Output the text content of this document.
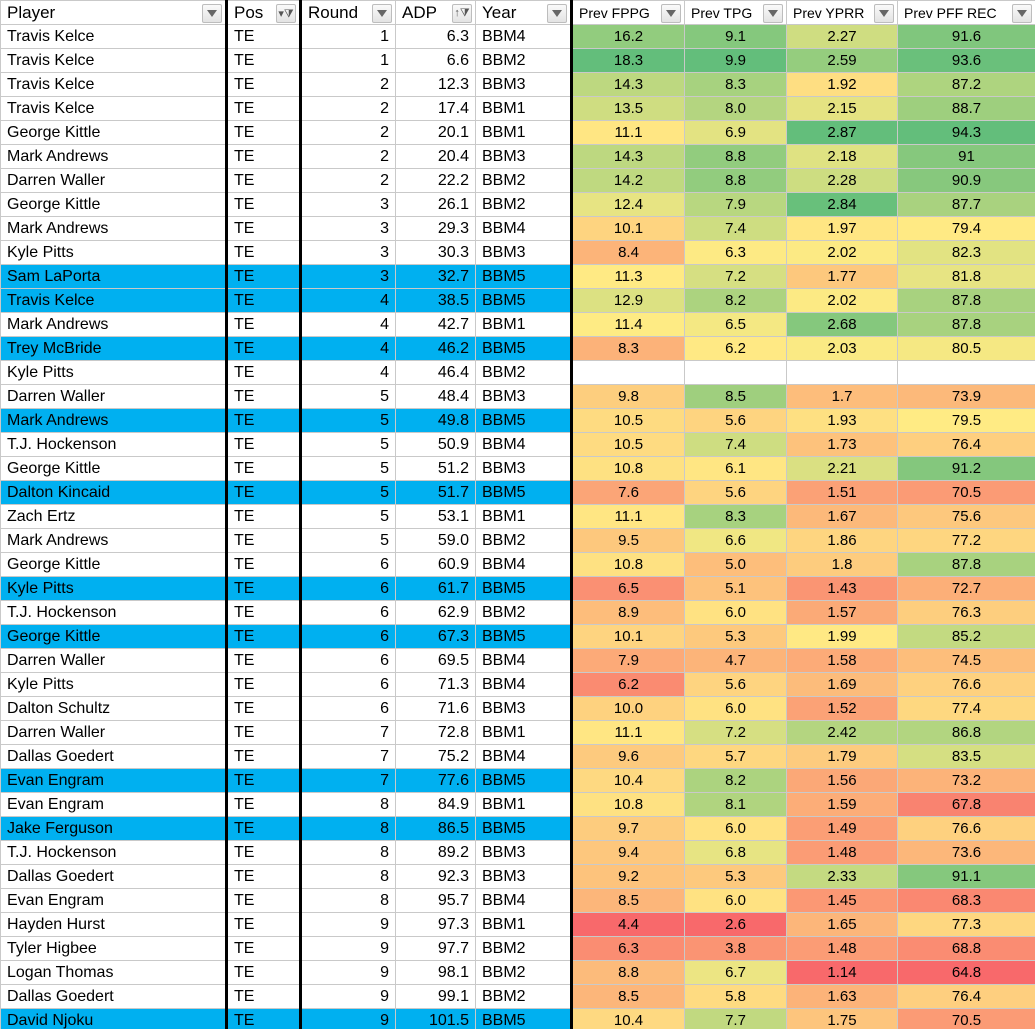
Player	Pos ▾⧩	Round	ADP ↑⧩	Year	Prev FPPG	Prev TPG	Prev YPRR	Prev PFF REC

Travis Kelce	TE	1	6.3	BBM4	16.2	9.1	2.27	91.6
Travis Kelce	TE	1	6.6	BBM2	18.3	9.9	2.59	93.6
Travis Kelce	TE	2	12.3	BBM3	14.3	8.3	1.92	87.2
Travis Kelce	TE	2	17.4	BBM1	13.5	8.0	2.15	88.7
George Kittle	TE	2	20.1	BBM1	11.1	6.9	2.87	94.3
Mark Andrews	TE	2	20.4	BBM3	14.3	8.8	2.18	91
Darren Waller	TE	2	22.2	BBM2	14.2	8.8	2.28	90.9
George Kittle	TE	3	26.1	BBM2	12.4	7.9	2.84	87.7
Mark Andrews	TE	3	29.3	BBM4	10.1	7.4	1.97	79.4
Kyle Pitts	TE	3	30.3	BBM3	8.4	6.3	2.02	82.3
Sam LaPorta	TE	3	32.7	BBM5	11.3	7.2	1.77	81.8
Travis Kelce	TE	4	38.5	BBM5	12.9	8.2	2.02	87.8
Mark Andrews	TE	4	42.7	BBM1	11.4	6.5	2.68	87.8
Trey McBride	TE	4	46.2	BBM5	8.3	6.2	2.03	80.5
Kyle Pitts	TE	4	46.4	BBM2				
Darren Waller	TE	5	48.4	BBM3	9.8	8.5	1.7	73.9
Mark Andrews	TE	5	49.8	BBM5	10.5	5.6	1.93	79.5
T.J. Hockenson	TE	5	50.9	BBM4	10.5	7.4	1.73	76.4
George Kittle	TE	5	51.2	BBM3	10.8	6.1	2.21	91.2
Dalton Kincaid	TE	5	51.7	BBM5	7.6	5.6	1.51	70.5
Zach Ertz	TE	5	53.1	BBM1	11.1	8.3	1.67	75.6
Mark Andrews	TE	5	59.0	BBM2	9.5	6.6	1.86	77.2
George Kittle	TE	6	60.9	BBM4	10.8	5.0	1.8	87.8
Kyle Pitts	TE	6	61.7	BBM5	6.5	5.1	1.43	72.7
T.J. Hockenson	TE	6	62.9	BBM2	8.9	6.0	1.57	76.3
George Kittle	TE	6	67.3	BBM5	10.1	5.3	1.99	85.2
Darren Waller	TE	6	69.5	BBM4	7.9	4.7	1.58	74.5
Kyle Pitts	TE	6	71.3	BBM4	6.2	5.6	1.69	76.6
Dalton Schultz	TE	6	71.6	BBM3	10.0	6.0	1.52	77.4
Darren Waller	TE	7	72.8	BBM1	11.1	7.2	2.42	86.8
Dallas Goedert	TE	7	75.2	BBM4	9.6	5.7	1.79	83.5
Evan Engram	TE	7	77.6	BBM5	10.4	8.2	1.56	73.2
Evan Engram	TE	8	84.9	BBM1	10.8	8.1	1.59	67.8
Jake Ferguson	TE	8	86.5	BBM5	9.7	6.0	1.49	76.6
T.J. Hockenson	TE	8	89.2	BBM3	9.4	6.8	1.48	73.6
Dallas Goedert	TE	8	92.3	BBM3	9.2	5.3	2.33	91.1
Evan Engram	TE	8	95.7	BBM4	8.5	6.0	1.45	68.3
Hayden Hurst	TE	9	97.3	BBM1	4.4	2.6	1.65	77.3
Tyler Higbee	TE	9	97.7	BBM2	6.3	3.8	1.48	68.8
Logan Thomas	TE	9	98.1	BBM2	8.8	6.7	1.14	64.8
Dallas Goedert	TE	9	99.1	BBM2	8.5	5.8	1.63	76.4
David Njoku	TE	9	101.5	BBM5	10.4	7.7	1.75	70.5
